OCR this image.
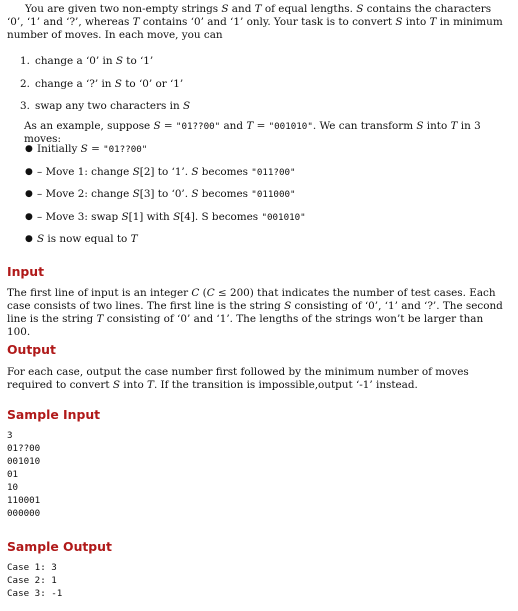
You are given two non-empty strings S and T of equal lengths. S contains the characters ‘0’, ‘1’ and ‘?’, whereas T contains ‘0’ and ‘1’ only. Your task is to convert S into T in minimum number of moves. In each move, you can

1. change a ‘0’ in S to ‘1’
2. change a ‘?’ in S to ‘0’ or ‘1’
3. swap any two characters in S

As an example, suppose S = "01??00" and T = "001010". We can transform S into T in 3 moves:

● Initially S = "01??00"
● – Move 1: change S[2] to ‘1’. S becomes "011?00"
● – Move 2: change S[3] to ‘0’. S becomes "011000"
● – Move 3: swap S[1] with S[4]. S becomes "001010"
● S is now equal to T
Input

The first line of input is an integer C (C ≤ 200) that indicates the number of test cases. Each case consists of two lines. The first line is the string S consisting of ‘0’, ‘1’ and ‘?’. The second line is the string T consisting of ‘0’ and ‘1’. The lengths of the strings won’t be larger than 100.

Output

For each case, output the case number first followed by the minimum number of moves required to convert S into T. If the transition is impossible,output ‘-1’ instead.

Sample Input
3
01??00
001010
01
10
110001
000000
Sample Output
Case 1: 3
Case 2: 1
Case 3: -1
